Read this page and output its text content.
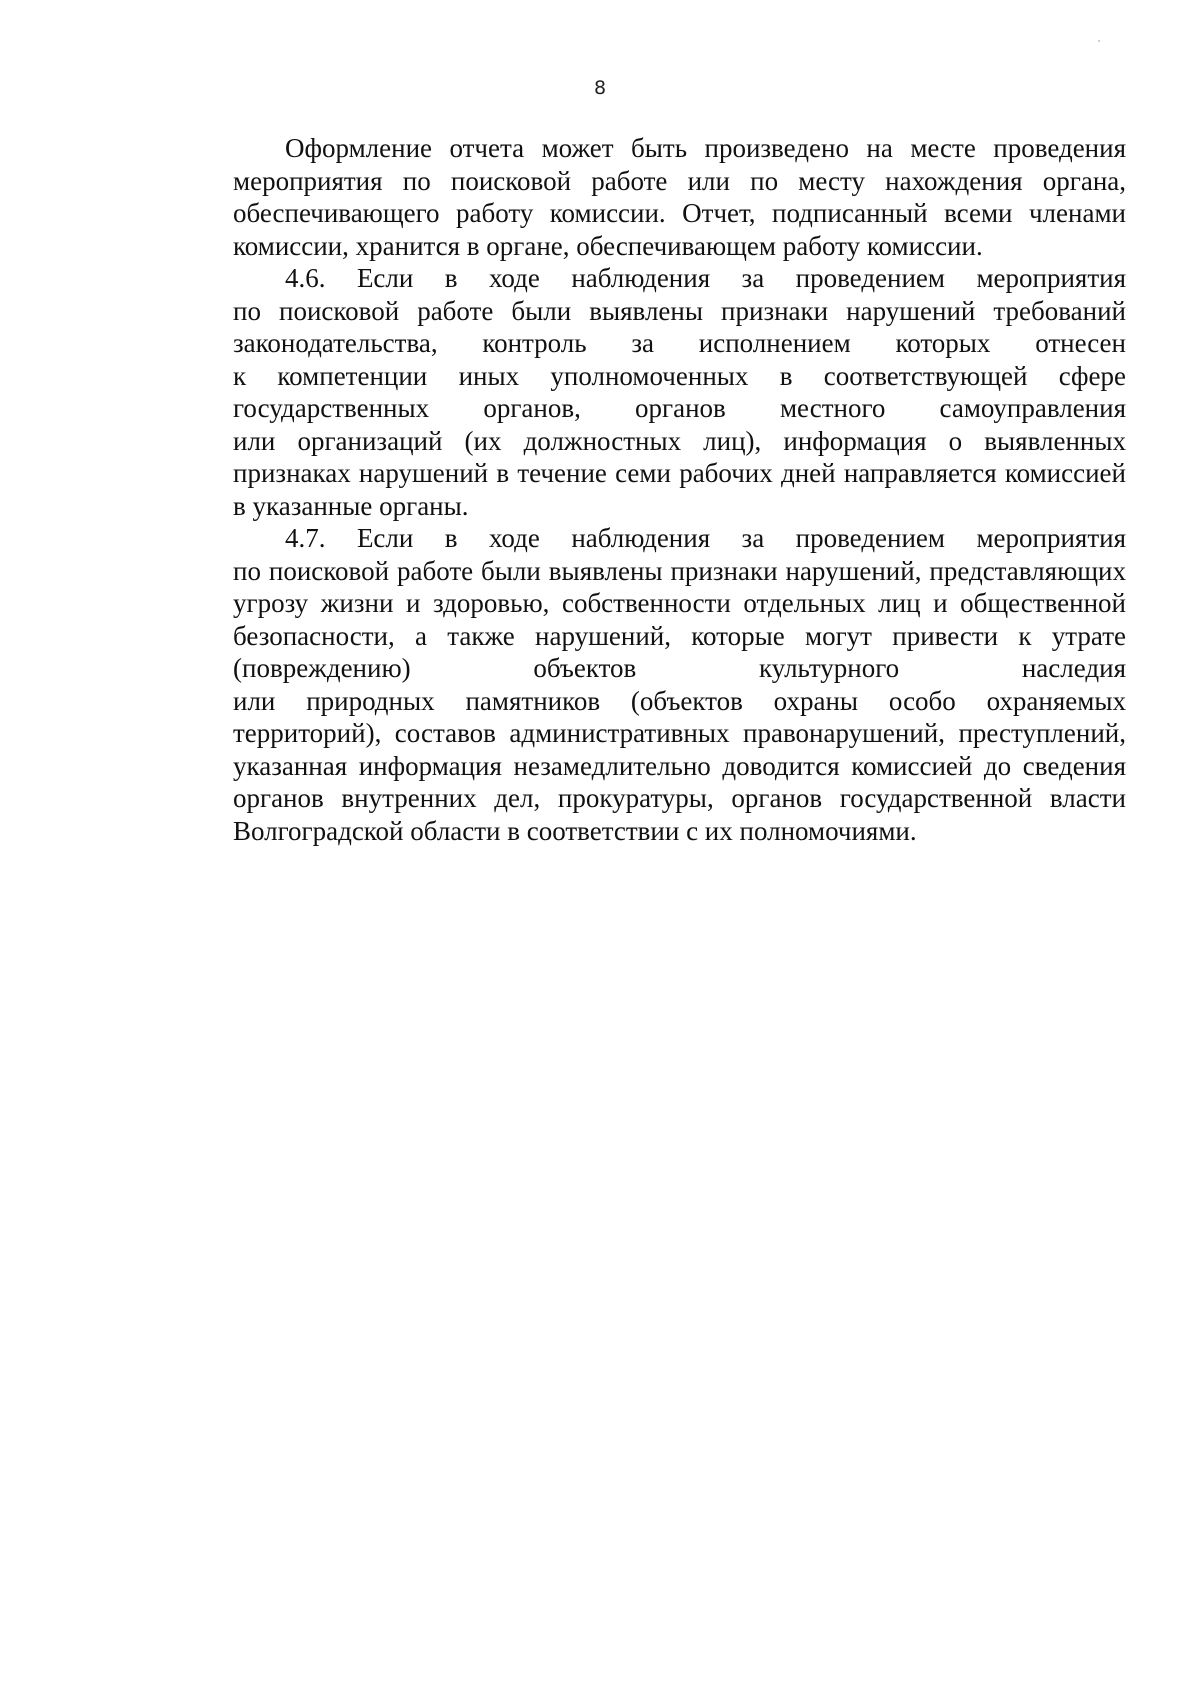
8
Оформление отчета может быть произведено на месте проведения
мероприятия по поисковой работе или по месту нахождения органа,
обеспечивающего работу комиссии. Отчет, подписанный всеми членами
комиссии, хранится в органе, обеспечивающем работу комиссии.
4.6. Если в ходе наблюдения за проведением мероприятия
по поисковой работе были выявлены признаки нарушений требований
законодательства, контроль за исполнением которых отнесен
к компетенции иных уполномоченных в соответствующей сфере
государственных органов, органов местного самоуправления
или организаций (их должностных лиц), информация о выявленных
признаках нарушений в течение семи рабочих дней направляется комиссией
в указанные органы.
4.7. Если в ходе наблюдения за проведением мероприятия
по поисковой работе были выявлены признаки нарушений, представляющих
угрозу жизни и здоровью, собственности отдельных лиц и общественной
безопасности, а также нарушений, которые могут привести к утрате
(повреждению) объектов культурного наследия
или природных памятников (объектов охраны особо охраняемых
территорий), составов административных правонарушений, преступлений,
указанная информация незамедлительно доводится комиссией до сведения
органов внутренних дел, прокуратуры, органов государственной власти
Волгоградской области в соответствии с их полномочиями.
